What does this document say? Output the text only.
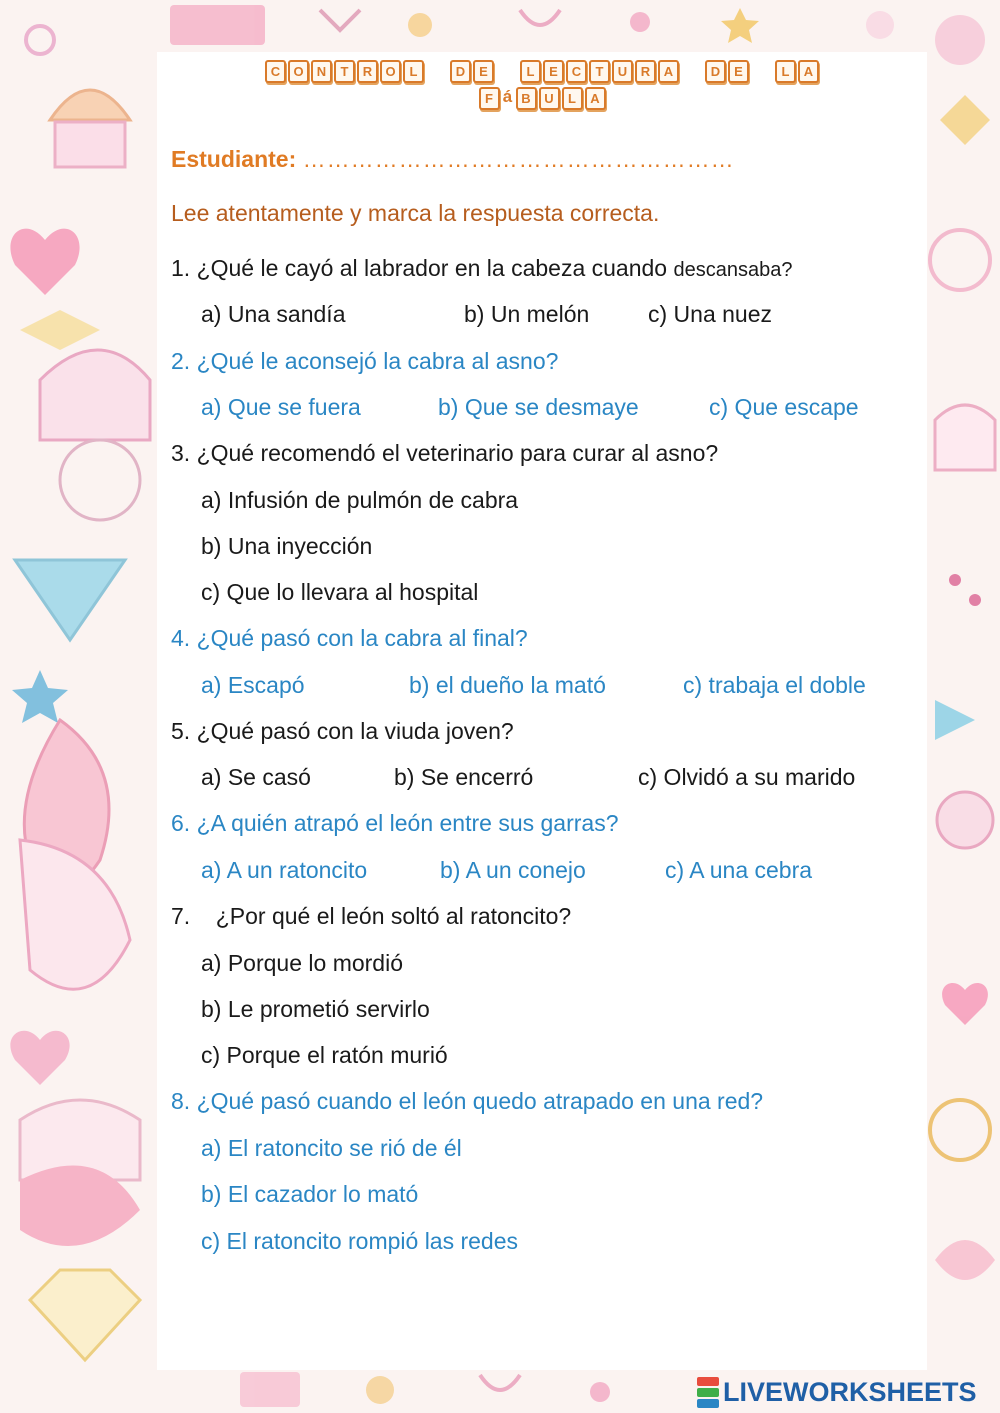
C	O	N	T	R	O	L	D	E	L	E	C	T	U	R	A	D	E	L	A
F á B	U	L	A
Estudiante: ………………………………………………
Lee atentamente y marca la respuesta correcta.
1. ¿Qué le cayó al labrador en la cabeza cuando descansaba?
a) Una sandía	b) Un melón	c) Una nuez
2. ¿Qué le aconsejó la cabra al asno?
a) Que se fuera	b) Que se desmaye	c) Que escape
3. ¿Qué recomendó el veterinario para curar al asno?
a) Infusión de pulmón de cabra
b) Una inyección
c) Que lo llevara al hospital
4. ¿Qué pasó con la cabra al final?
a) Escapó	b) el dueño la mató	c) trabaja el doble
5. ¿Qué pasó con la viuda joven?
a) Se casó	b) Se encerró	c) Olvidó a su marido
6. ¿A quién atrapó el león entre sus garras?
a) A un ratoncito	b) A un conejo	c) A una cebra
7.    ¿Por qué el león soltó al ratoncito?
a) Porque lo mordió
b) Le prometió servirlo
c) Porque el ratón murió
8. ¿Qué pasó cuando el león quedo atrapado en una red?
a) El ratoncito se rió de él
b) El cazador lo mató
c) El ratoncito rompió las redes
LIVEWORKSHEETS
